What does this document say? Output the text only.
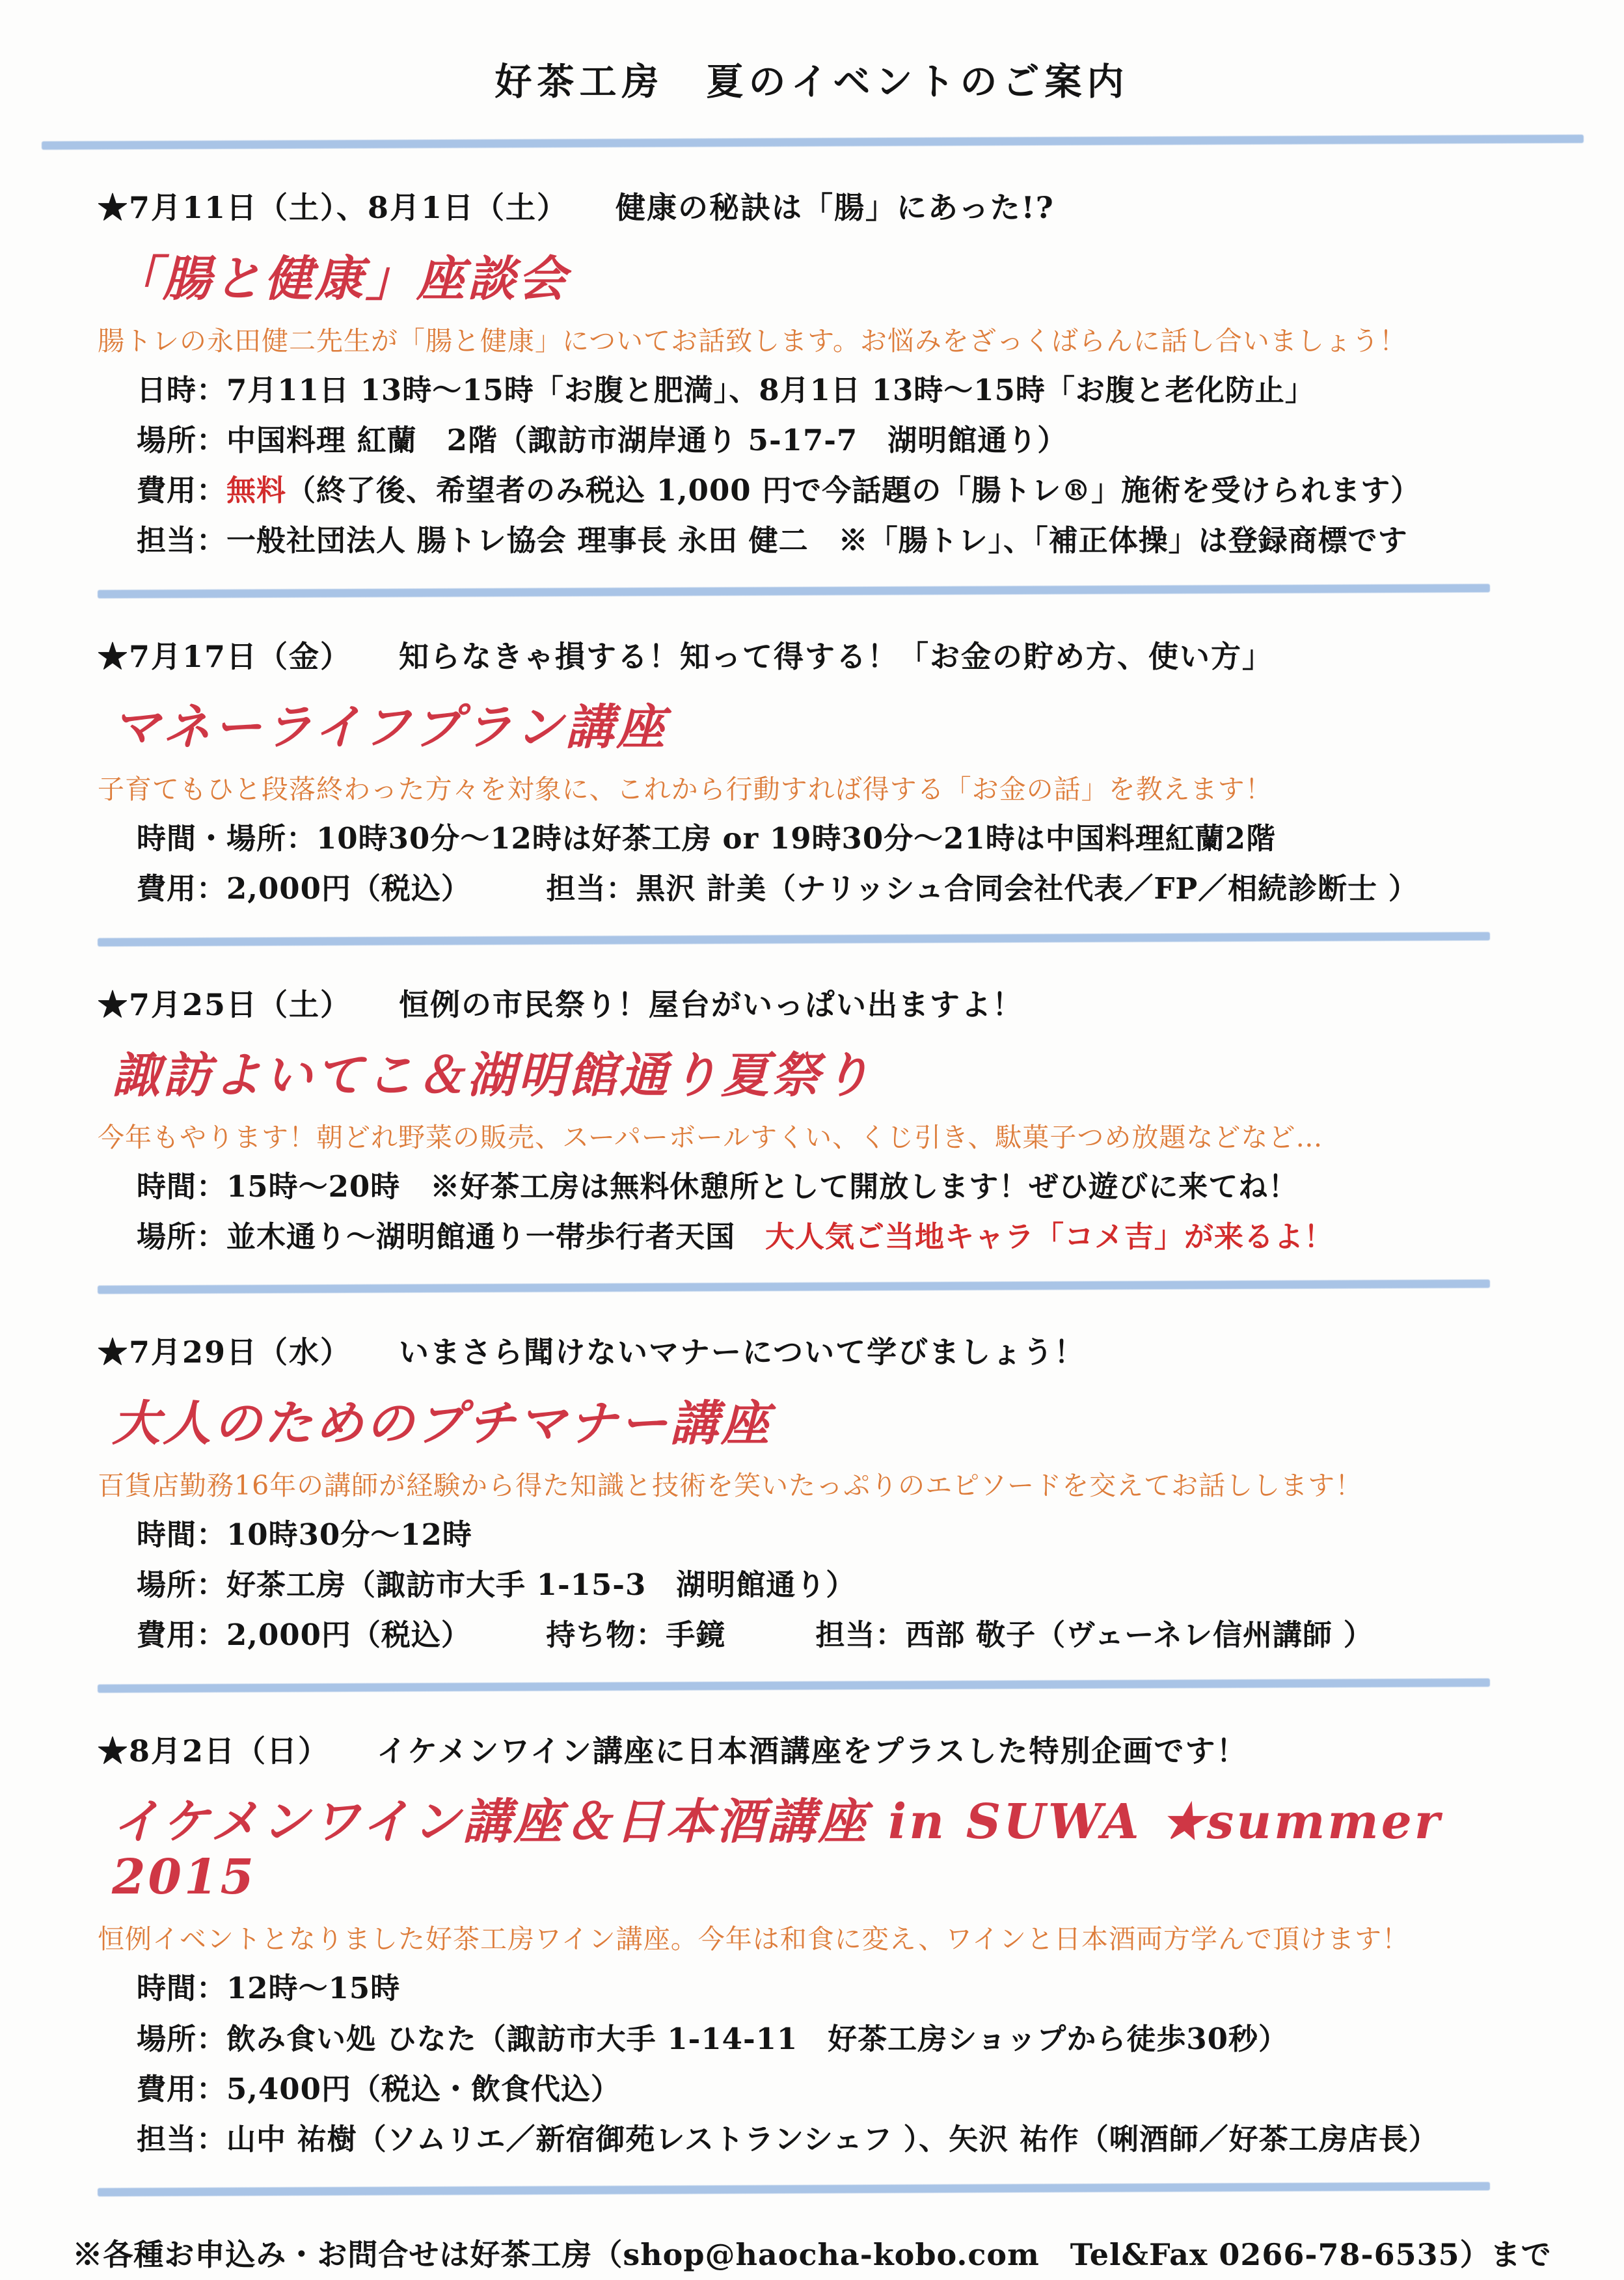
好茶工房　夏のイベントのご案内

★7月11日（土）、8月1日（土）　　健康の秘訣は「腸」にあった!?

「腸と健康」座談会

腸トレの永田健二先生が「腸と健康」についてお話致します。お悩みをざっくばらんに話し合いましょう！

日時：7月11日 13時～15時「お腹と肥満」、8月1日 13時～15時「お腹と老化防止」

場所：中国料理 紅蘭　2階（諏訪市湖岸通り 5-17-7　湖明館通り）

費用：無料（終了後、希望者のみ税込 1,000 円で今話題の「腸トレ®」施術を受けられます）

担当：一般社団法人 腸トレ協会 理事長 永田 健二　※「腸トレ」、「補正体操」は登録商標です

★7月17日（金）　　知らなきゃ損する！知って得する！「お金の貯め方、使い方」

マネーライフプラン講座

子育てもひと段落終わった方々を対象に、これから行動すれば得する「お金の話」を教えます！

時間・場所：10時30分～12時は好茶工房 or 19時30分～21時は中国料理紅蘭2階

費用：2,000円（税込）　　　担当：黒沢 計美（ナリッシュ合同会社代表／FP／相続診断士 ）

★7月25日（土）　　恒例の市民祭り！屋台がいっぱい出ますよ！

諏訪よいてこ＆湖明館通り夏祭り

今年もやります！朝どれ野菜の販売、スーパーボールすくい、くじ引き、駄菓子つめ放題などなど…

時間：15時～20時　※好茶工房は無料休憩所として開放します！ぜひ遊びに来てね！

場所：並木通り～湖明館通り一帯歩行者天国　大人気ご当地キャラ「コメ吉」が来るよ！

★7月29日（水）　　いまさら聞けないマナーについて学びましょう！

大人のためのプチマナー講座

百貨店勤務16年の講師が経験から得た知識と技術を笑いたっぷりのエピソードを交えてお話しします！

時間：10時30分～12時

場所：好茶工房（諏訪市大手 1-15-3　湖明館通り）

費用：2,000円（税込）　　　持ち物：手鏡　　　担当：西部 敬子（ヴェーネレ信州講師 ）

★8月2日（日）　　イケメンワイン講座に日本酒講座をプラスした特別企画です！

イケメンワイン講座＆日本酒講座 in SUWA ★summer 2015

恒例イベントとなりました好茶工房ワイン講座。今年は和食に変え、ワインと日本酒両方学んで頂けます！

時間：12時～15時

場所：飲み食い処 ひなた（諏訪市大手 1-14-11　好茶工房ショップから徒歩30秒）

費用：5,400円（税込・飲食代込）

担当：山中 祐樹（ソムリエ／新宿御苑レストランシェフ ）、矢沢 祐作（唎酒師／好茶工房店長）

※各種お申込み・お問合せは好茶工房（shop@haocha-kobo.com　Tel&Fax 0266-78-6535）まで
